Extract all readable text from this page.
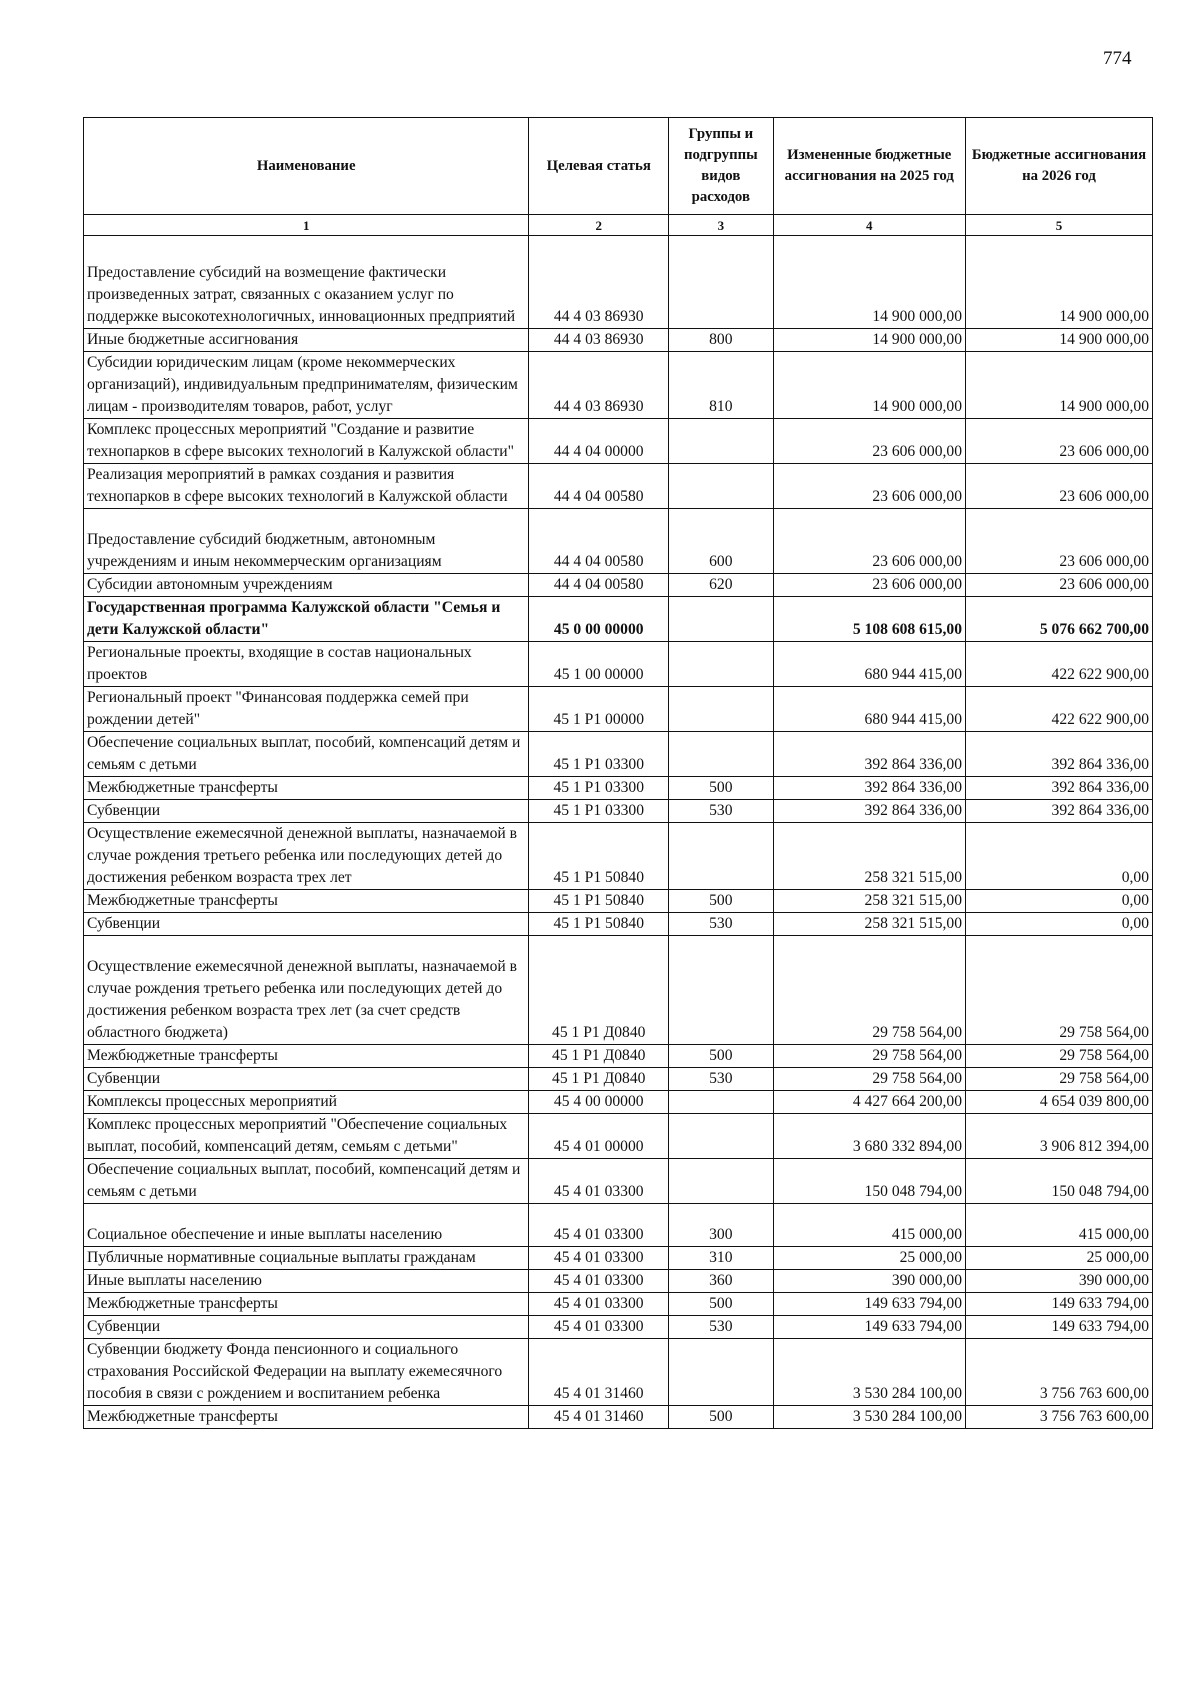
774
Наименование	Целевая статья	Группы и подгруппы видов расходов	Измененные бюджетные ассигнования на 2025 год	Бюджетные ассигнования на 2026 год
1	2	3	4	5
Предоставление субсидий на возмещение фактически произведенных затрат, связанных с оказанием услуг по поддержке высокотехнологичных, инновационных предприятий	44 4 03 86930		14 900 000,00	14 900 000,00
Иные бюджетные ассигнования	44 4 03 86930	800	14 900 000,00	14 900 000,00
Субсидии юридическим лицам (кроме некоммерческих организаций), индивидуальным предпринимателям, физическим лицам - производителям товаров, работ, услуг	44 4 03 86930	810	14 900 000,00	14 900 000,00
Комплекс процессных мероприятий "Создание и развитие технопарков в сфере высоких технологий в Калужской области"	44 4 04 00000		23 606 000,00	23 606 000,00
Реализация мероприятий в рамках создания и развития технопарков в сфере высоких технологий в Калужской области	44 4 04 00580		23 606 000,00	23 606 000,00
Предоставление субсидий бюджетным, автономным учреждениям и иным некоммерческим организациям	44 4 04 00580	600	23 606 000,00	23 606 000,00
Субсидии автономным учреждениям	44 4 04 00580	620	23 606 000,00	23 606 000,00
Государственная программа Калужской области "Семья и дети Калужской области"	45 0 00 00000		5 108 608 615,00	5 076 662 700,00
Региональные проекты, входящие в состав национальных проектов	45 1 00 00000		680 944 415,00	422 622 900,00
Региональный проект "Финансовая поддержка семей при рождении детей"	45 1 P1 00000		680 944 415,00	422 622 900,00
Обеспечение социальных выплат, пособий, компенсаций детям и семьям с детьми	45 1 P1 03300		392 864 336,00	392 864 336,00
Межбюджетные трансферты	45 1 P1 03300	500	392 864 336,00	392 864 336,00
Субвенции	45 1 P1 03300	530	392 864 336,00	392 864 336,00
Осуществление ежемесячной денежной выплаты, назначаемой в случае рождения третьего ребенка или последующих детей до достижения ребенком возраста трех лет	45 1 P1 50840		258 321 515,00	0,00
Межбюджетные трансферты	45 1 P1 50840	500	258 321 515,00	0,00
Субвенции	45 1 P1 50840	530	258 321 515,00	0,00
Осуществление ежемесячной денежной выплаты, назначаемой в случае рождения третьего ребенка или последующих детей до достижения ребенком возраста трех лет (за счет средств областного бюджета)	45 1 P1 Д0840		29 758 564,00	29 758 564,00
Межбюджетные трансферты	45 1 P1 Д0840	500	29 758 564,00	29 758 564,00
Субвенции	45 1 P1 Д0840	530	29 758 564,00	29 758 564,00
Комплексы процессных мероприятий	45 4 00 00000		4 427 664 200,00	4 654 039 800,00
Комплекс процессных мероприятий "Обеспечение социальных выплат, пособий, компенсаций детям, семьям с детьми"	45 4 01 00000		3 680 332 894,00	3 906 812 394,00
Обеспечение социальных выплат, пособий, компенсаций детям и семьям с детьми	45 4 01 03300		150 048 794,00	150 048 794,00
Социальное обеспечение и иные выплаты населению	45 4 01 03300	300	415 000,00	415 000,00
Публичные нормативные социальные выплаты гражданам	45 4 01 03300	310	25 000,00	25 000,00
Иные выплаты населению	45 4 01 03300	360	390 000,00	390 000,00
Межбюджетные трансферты	45 4 01 03300	500	149 633 794,00	149 633 794,00
Субвенции	45 4 01 03300	530	149 633 794,00	149 633 794,00
Субвенции бюджету Фонда пенсионного и социального страхования Российской Федерации на выплату ежемесячного пособия в связи с рождением и воспитанием ребенка	45 4 01 31460		3 530 284 100,00	3 756 763 600,00
Межбюджетные трансферты	45 4 01 31460	500	3 530 284 100,00	3 756 763 600,00
